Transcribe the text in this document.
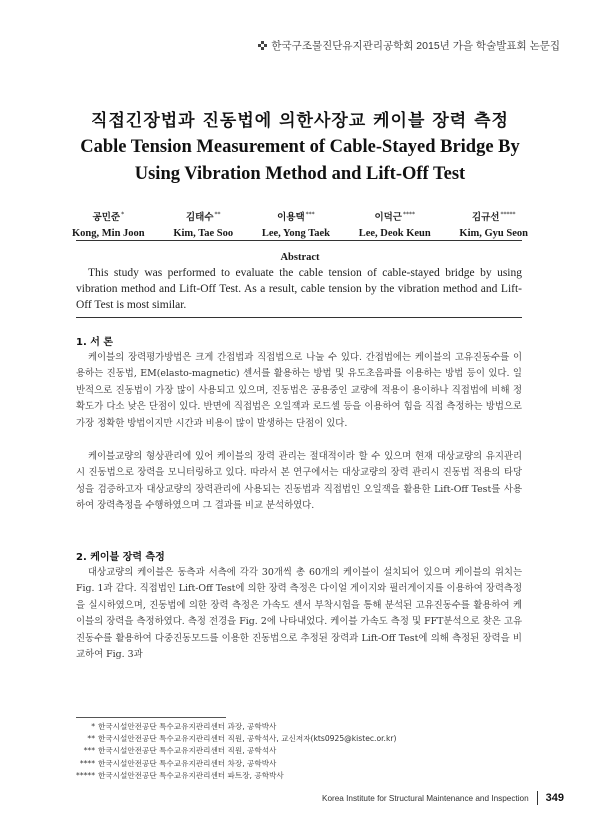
한국구조물진단유지관리공학회 2015년 가을 학술발표회 논문집
직접긴장법과 진동법에 의한사장교 케이블 장력 측정
Cable Tension Measurement of Cable-Stayed Bridge By Using Vibration Method and Lift-Off Test
공민준*
Kong, Min Joon
김태수**
Kim, Tae Soo
이용택***
Lee, Yong Taek
이덕근****
Lee, Deok Keun
김규선*****
Kim, Gyu Seon
Abstract
This study was performed to evaluate the cable tension of cable-stayed bridge by using vibration method and Lift-Off Test. As a result, cable tension by the vibration method and Lift-Off Test is most similar.
1. 서 론
케이블의 장력평가방법은 크게 간접법과 직접법으로 나눌 수 있다. 간접법에는 케이블의 고유진동수를 이용하는 진동법, EM(elasto-magnetic) 센서를 활용하는 방법 및 유도초음파를 이용하는 방법 등이 있다. 일반적으로 진동법이 가장 많이 사용되고 있으며, 진동법은 공용중인 교량에 적용이 용이하나 직접법에 비해 정확도가 다소 낮은 단점이 있다. 반면에 직접법은 오일잭과 로드셀 등을 이용하여 힘을 직접 측정하는 방법으로 가장 정확한 방법이지만 시간과 비용이 많이 발생하는 단점이 있다.
케이블교량의 형상관리에 있어 케이블의 장력 관리는 절대적이라 할 수 있으며 현재 대상교량의 유지관리시 진동법으로 장력을 모니터링하고 있다. 따라서 본 연구에서는 대상교량의 장력 관리시 진동법 적용의 타당성을 검증하고자 대상교량의 장력관리에 사용되는 진동법과 직접법인 오일잭을 활용한 Lift-Off Test를 사용하여 장력측정을 수행하였으며 그 결과를 비교 분석하였다.
2. 케이블 장력 측정
대상교량의 케이블은 동측과 서측에 각각 30개씩 총 60개의 케이블이 설치되어 있으며 케이블의 위치는 Fig. 1과 같다. 직접법인 Lift-Off Test에 의한 장력 측정은 다이얼 게이지와 필러게이지를 이용하여 장력측정을 실시하였으며, 진동법에 의한 장력 측정은 가속도 센서 부착시험을 통해 분석된 고유진동수를 활용하여 케이블의 장력을 측정하였다. 측정 전경을 Fig. 2에 나타내었다. 케이블 가속도 측정 및 FFT분석으로 찾은 고유진동수를 활용하여 다중진동모드를 이용한 진동법으로 추정된 장력과 Lift-Off Test에 의해 측정된 장력을 비교하여 Fig. 3과
* 한국시설안전공단 특수교유지관리센터 과장, 공학박사
** 한국시설안전공단 특수교유지관리센터 직원, 공학석사, 교신저자(kts0925@kistec.or.kr)
*** 한국시설안전공단 특수교유지관리센터 직원, 공학석사
**** 한국시설안전공단 특수교유지관리센터 차장, 공학박사
***** 한국시설안전공단 특수교유지관리센터 파트장, 공학박사
Korea Institute for Structural Maintenance and Inspection 349
